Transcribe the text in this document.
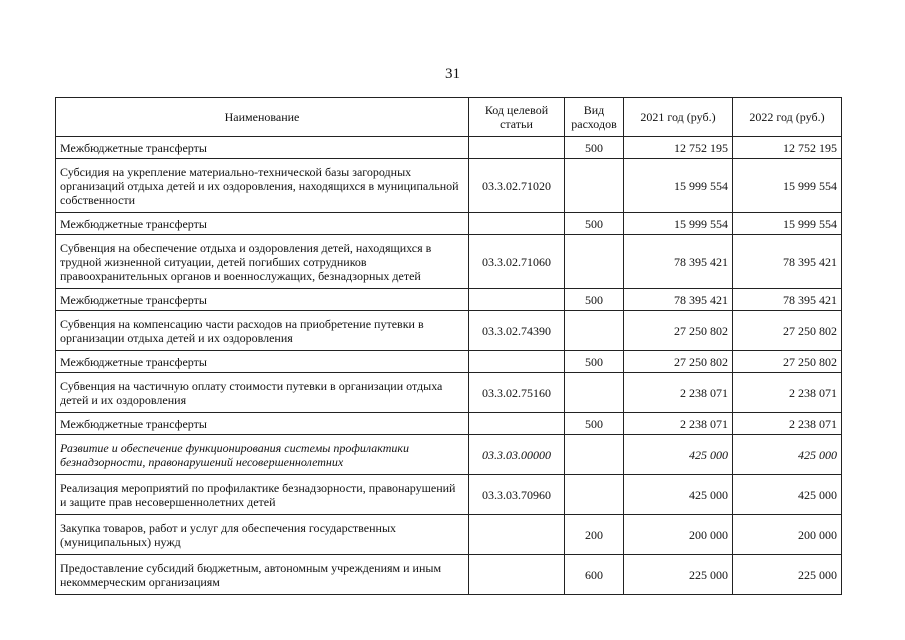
31
Наименование	Код целевой статьи	Вид расходов	2021 год (руб.)	2022 год (руб.)
Межбюджетные трансферты		500	12 752 195	12 752 195
Субсидия на укрепление материально-технической базы загородных организаций отдыха детей и их оздоровления, находящихся в муниципальной собственности	03.3.02.71020		15 999 554	15 999 554
Межбюджетные трансферты		500	15 999 554	15 999 554
Субвенция на обеспечение отдыха и оздоровления детей, находящихся в трудной жизненной ситуации, детей погибших сотрудников правоохранительных органов и военнослужащих, безнадзорных детей	03.3.02.71060		78 395 421	78 395 421
Межбюджетные трансферты		500	78 395 421	78 395 421
Субвенция на компенсацию части расходов на приобретение путевки в организации отдыха детей и их оздоровления	03.3.02.74390		27 250 802	27 250 802
Межбюджетные трансферты		500	27 250 802	27 250 802
Субвенция на частичную оплату стоимости путевки в организации отдыха детей и их оздоровления	03.3.02.75160		2 238 071	2 238 071
Межбюджетные трансферты		500	2 238 071	2 238 071
Развитие и обеспечение функционирования системы профилактики безнадзорности, правонарушений несовершеннолетних	03.3.03.00000		425 000	425 000
Реализация мероприятий по профилактике безнадзорности, правонарушений и защите прав несовершеннолетних детей	03.3.03.70960		425 000	425 000
Закупка товаров, работ и услуг для обеспечения государственных (муниципальных) нужд		200	200 000	200 000
Предоставление субсидий бюджетным, автономным учреждениям и иным некоммерческим организациям		600	225 000	225 000
